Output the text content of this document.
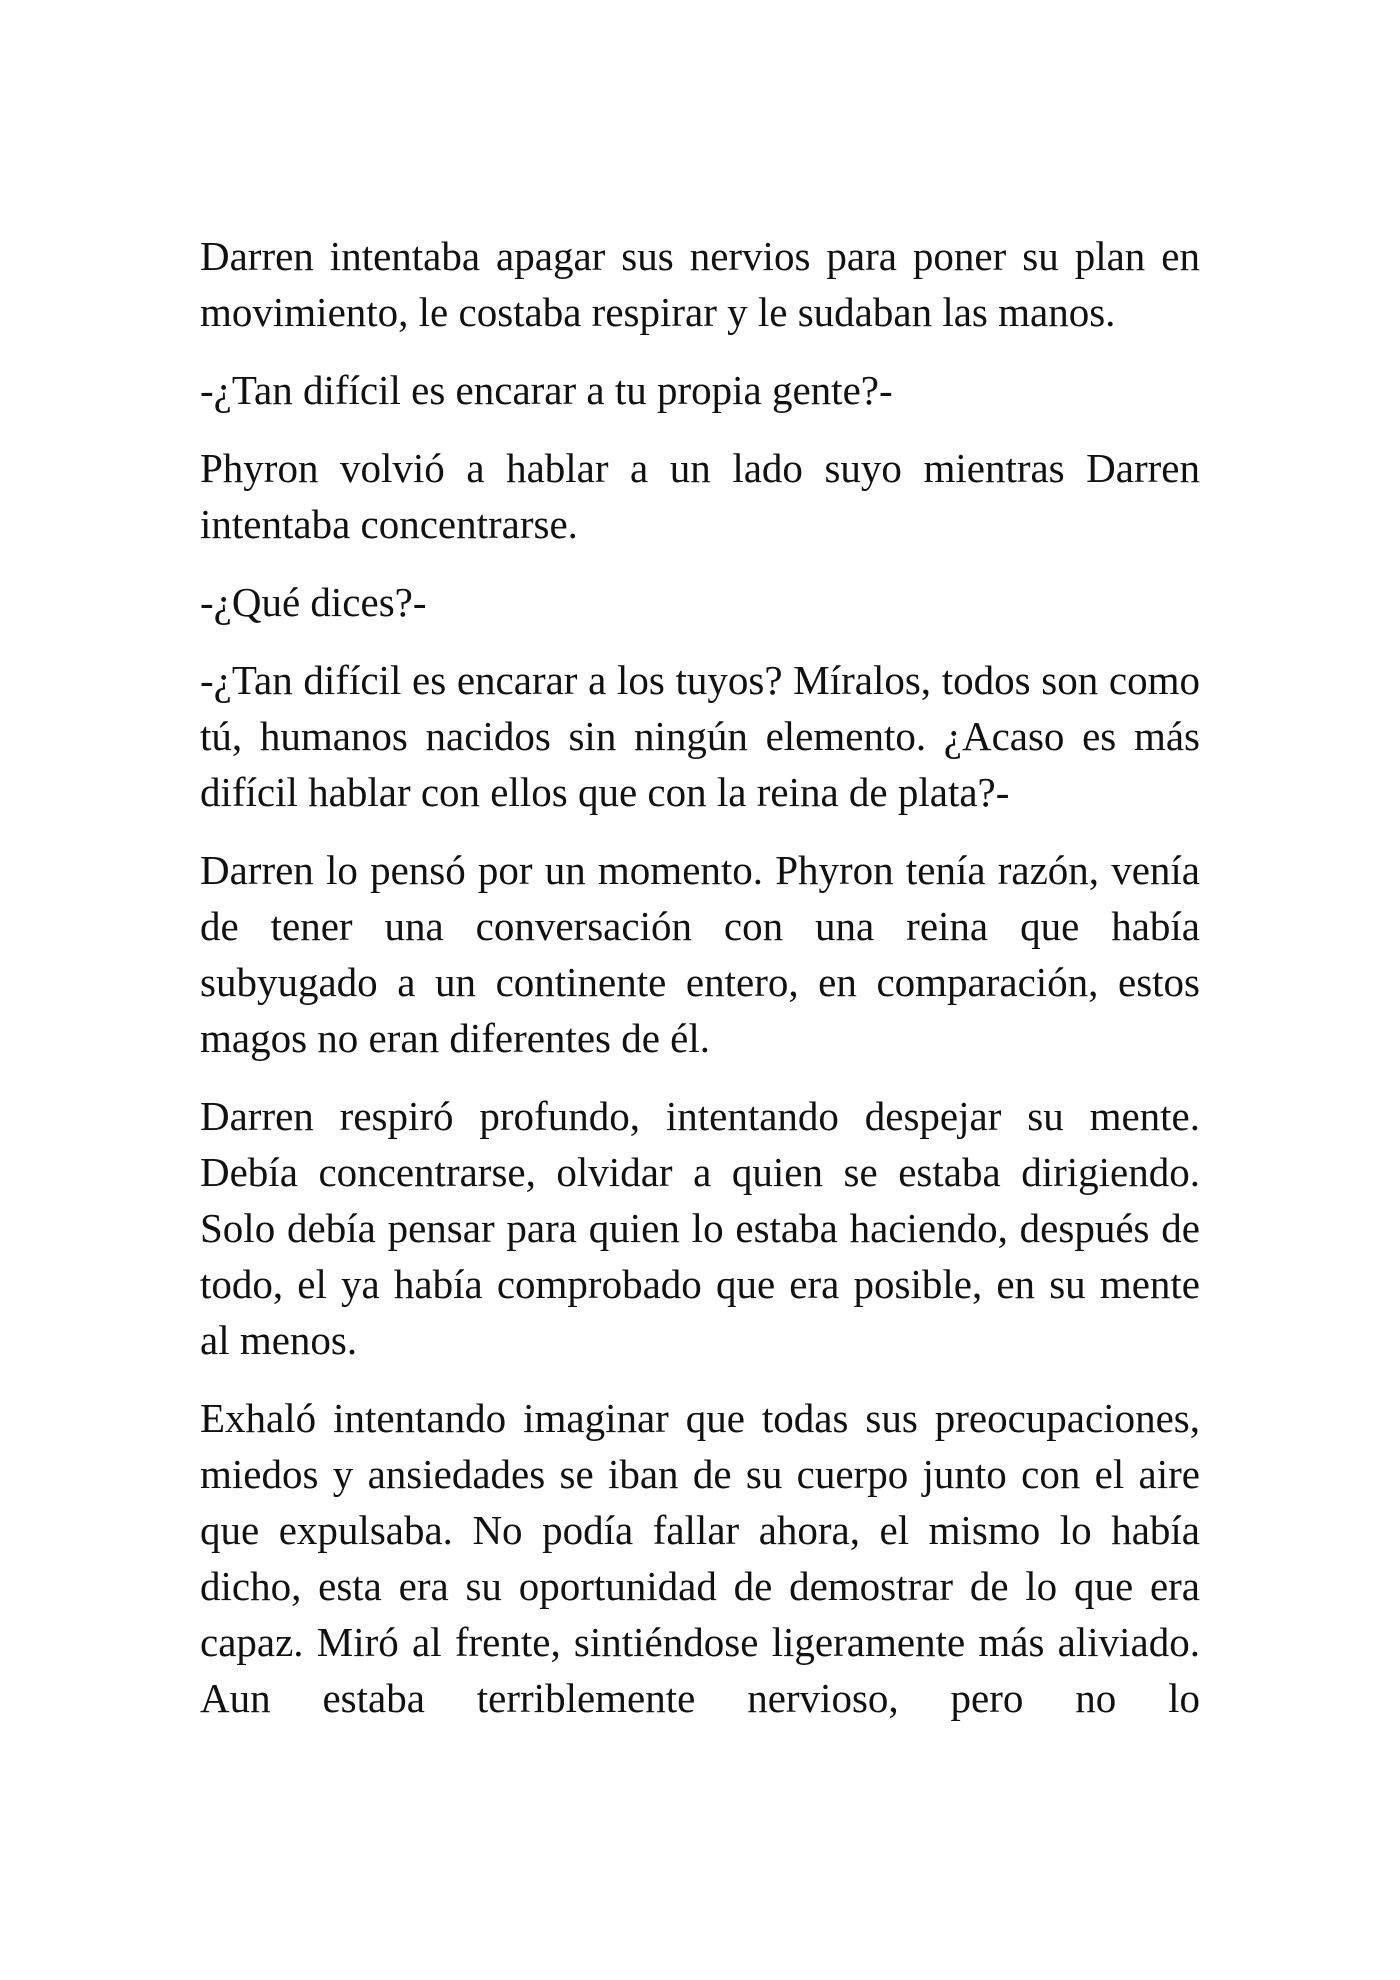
Darren intentaba apagar sus nervios para poner su plan en movimiento, le costaba respirar y le sudaban las manos.

-¿Tan difícil es encarar a tu propia gente?-

Phyron volvió a hablar a un lado suyo mientras Darren intentaba concentrarse.

-¿Qué dices?-

-¿Tan difícil es encarar a los tuyos? Míralos, todos son como tú, humanos nacidos sin ningún elemento. ¿Acaso es más difícil hablar con ellos que con la reina de plata?-

Darren lo pensó por un momento. Phyron tenía razón, venía de tener una conversación con una reina que había subyugado a un continente entero, en comparación, estos magos no eran diferentes de él.

Darren respiró profundo, intentando despejar su mente. Debía concentrarse, olvidar a quien se estaba dirigiendo. Solo debía pensar para quien lo estaba haciendo, después de todo, el ya había comprobado que era posible, en su mente al menos.

Exhaló intentando imaginar que todas sus preocupaciones, miedos y ansiedades se iban de su cuerpo junto con el aire que expulsaba. No podía fallar ahora, el mismo lo había dicho, esta era su oportunidad de demostrar de lo que era capaz. Miró al frente, sintiéndose ligeramente más aliviado. Aun estaba terriblemente nervioso, pero no lo
